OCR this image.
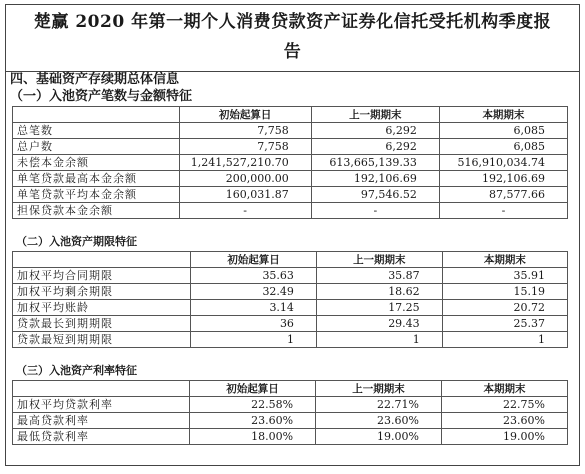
楚赢 2020 年第一期个人消费贷款资产证券化信托受托机构季度报
告
四、基础资产存续期总体信息
（一）入池资产笔数与金额特征
	初始起算日	上一期期末	本期期末
总笔数	7,758	6,292	6,085
总户数	7,758	6,292	6,085
未偿本金余额	1,241,527,210.70	613,665,139.33	516,910,034.74
单笔贷款最高本金余额	200,000.00	192,106.69	192,106.69
单笔贷款平均本金余额	160,031.87	97,546.52	87,577.66
担保贷款本金余额	-	-	-
（二）入池资产期限特征
	初始起算日	上一期期末	本期期末
加权平均合同期限	35.63	35.87	35.91
加权平均剩余期限	32.49	18.62	15.19
加权平均账龄	3.14	17.25	20.72
贷款最长到期期限	36	29.43	25.37
贷款最短到期期限	1	1	1
（三）入池资产利率特征
	初始起算日	上一期期末	本期期末
加权平均贷款利率	22.58%	22.71%	22.75%
最高贷款利率	23.60%	23.60%	23.60%
最低贷款利率	18.00%	19.00%	19.00%
